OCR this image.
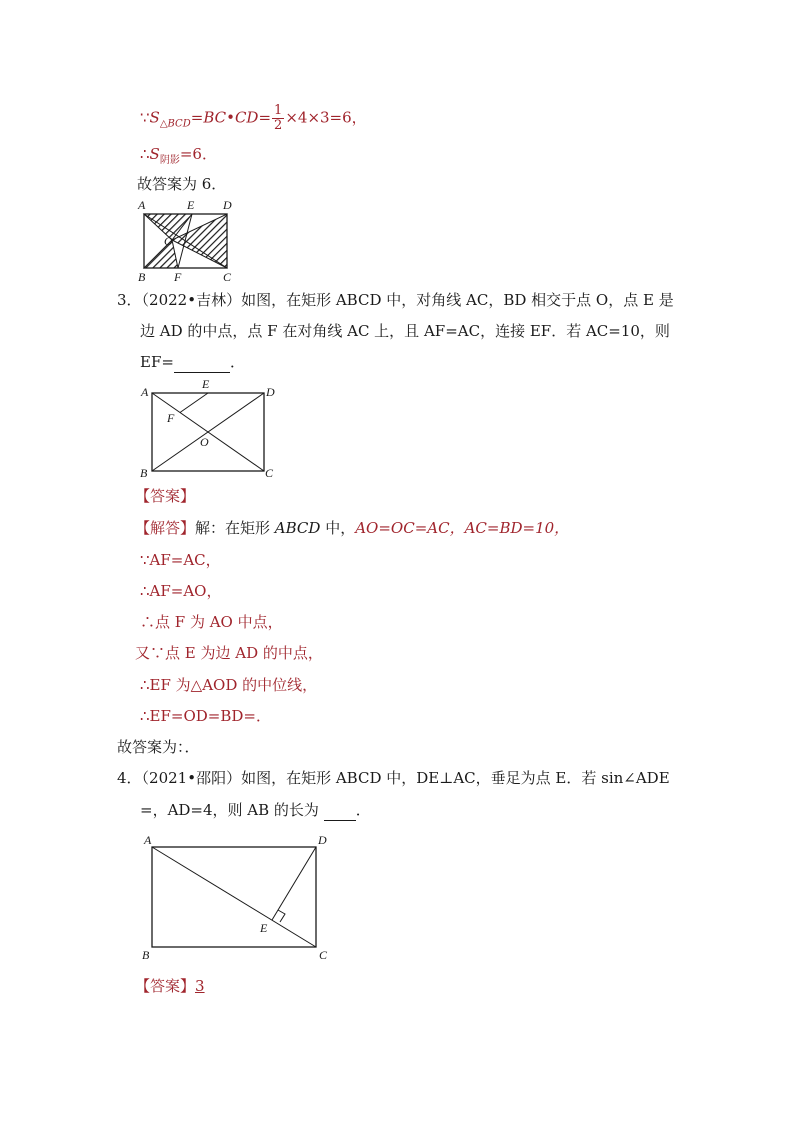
$\because S_{\triangle BCD}=BC•CD= \frac{1}{2} \times 4\times 3=6$，
$\therefore S_{阴影}=6$．
故答案为 6．
A	E D
O
B F	C
3．（2022•吉林）如图，在矩形 ABCD 中，对角线 AC，BD 相交于点 O，点 E 是
边 AD 的中点，点 F 在对角线 AC 上，且 AF=AC，连接 EF．若 AC=10，则
EF=	．
A
E
D
F
O
B	C
【答案】
【解答】解：在矩形 ABCD 中，AO=OC=AC，AC=BD=10，
∵AF=AC，
∴AF=AO，
∴点 F 为 AO 中点，
又∵点 E 为边 AD 的中点，
∴EF 为△AOD 的中位线，
∴EF=OD=BD=．
故答案为：．
4．（2021•邵阳）如图，在矩形 ABCD 中，DE⊥AC，垂足为点 E．若 sin∠ADE
=，AD=4，则 AB 的长为 ．
A	D
E
B	C
【答案】3
